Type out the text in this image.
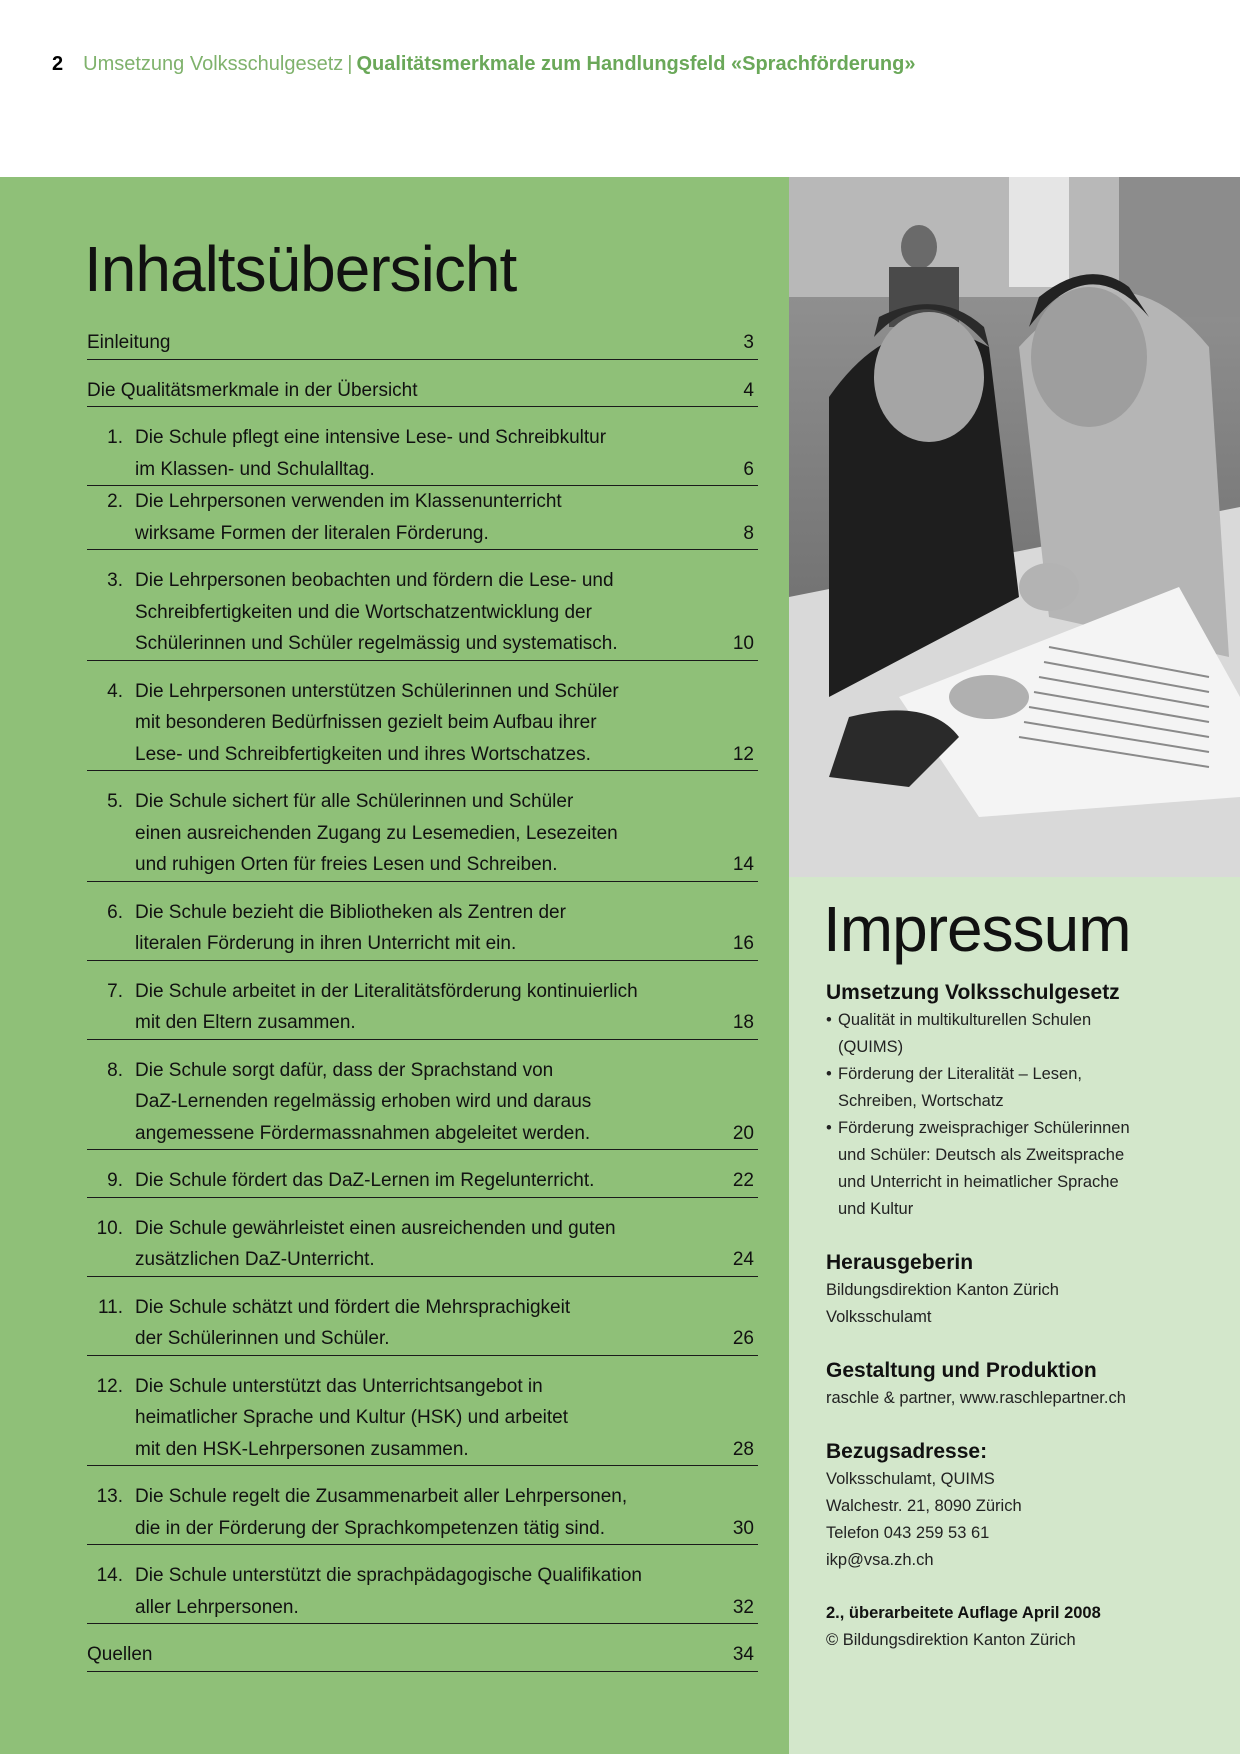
2 Umsetzung Volksschulgesetz | Qualitätsmerkmale zum Handlungsfeld «Sprachförderung»
Inhaltsübersicht
Einleitung	3
Die Qualitätsmerkmale in der Übersicht	4
1. Die Schule pflegt eine intensive Lese- und Schreibkultur
im Klassen- und Schulalltag.	6
2. Die Lehrpersonen verwenden im Klassenunterricht
wirksame Formen der literalen Förderung.	8
3. Die Lehrpersonen beobachten und fördern die Lese- und
Schreibfertigkeiten und die Wortschatzentwicklung der
Schülerinnen und Schüler regelmässig und systematisch.	10
4. Die Lehrpersonen unterstützen Schülerinnen und Schüler
mit besonderen Bedürfnissen gezielt beim Aufbau ihrer
Lese- und Schreibfertigkeiten und ihres Wortschatzes.	12
5. Die Schule sichert für alle Schülerinnen und Schüler
einen ausreichenden Zugang zu Lesemedien, Lesezeiten
und ruhigen Orten für freies Lesen und Schreiben.	14
6. Die Schule bezieht die Bibliotheken als Zentren der
literalen Förderung in ihren Unterricht mit ein.	16
7. Die Schule arbeitet in der Literalitätsförderung kontinuierlich
mit den Eltern zusammen.	18
8. Die Schule sorgt dafür, dass der Sprachstand von
DaZ-Lernenden regelmässig erhoben wird und daraus
angemessene Fördermassnahmen abgeleitet werden.	20
9. Die Schule fördert das DaZ-Lernen im Regelunterricht.	22
10. Die Schule gewährleistet einen ausreichenden und guten
zusätzlichen DaZ-Unterricht.	24
11. Die Schule schätzt und fördert die Mehrsprachigkeit
der Schülerinnen und Schüler.	26
12. Die Schule unterstützt das Unterrichtsangebot in
heimatlicher Sprache und Kultur (HSK) und arbeitet
mit den HSK-Lehrpersonen zusammen.	28
13. Die Schule regelt die Zusammenarbeit aller Lehrpersonen,
die in der Förderung der Sprachkompetenzen tätig sind.	30
14. Die Schule unterstützt die sprachpädagogische Qualifikation
aller Lehrpersonen.	32
Quellen	34
Impressum
Umsetzung Volksschulgesetz
• Qualität in multikulturellen Schulen
(QUIMS)
• Förderung der Literalität – Lesen,
Schreiben, Wortschatz
• Förderung zweisprachiger Schülerinnen
und Schüler: Deutsch als Zweitsprache
und Unterricht in heimatlicher Sprache
und Kultur
Herausgeberin
Bildungsdirektion Kanton Zürich
Volksschulamt
Gestaltung und Produktion
raschle & partner, www.raschlepartner.ch
Bezugsadresse:
Volksschulamt, QUIMS
Walchestr. 21, 8090 Zürich
Telefon 043 259 53 61
ikp@vsa.zh.ch
2., überarbeitete Auflage April 2008
© Bildungsdirektion Kanton Zürich
